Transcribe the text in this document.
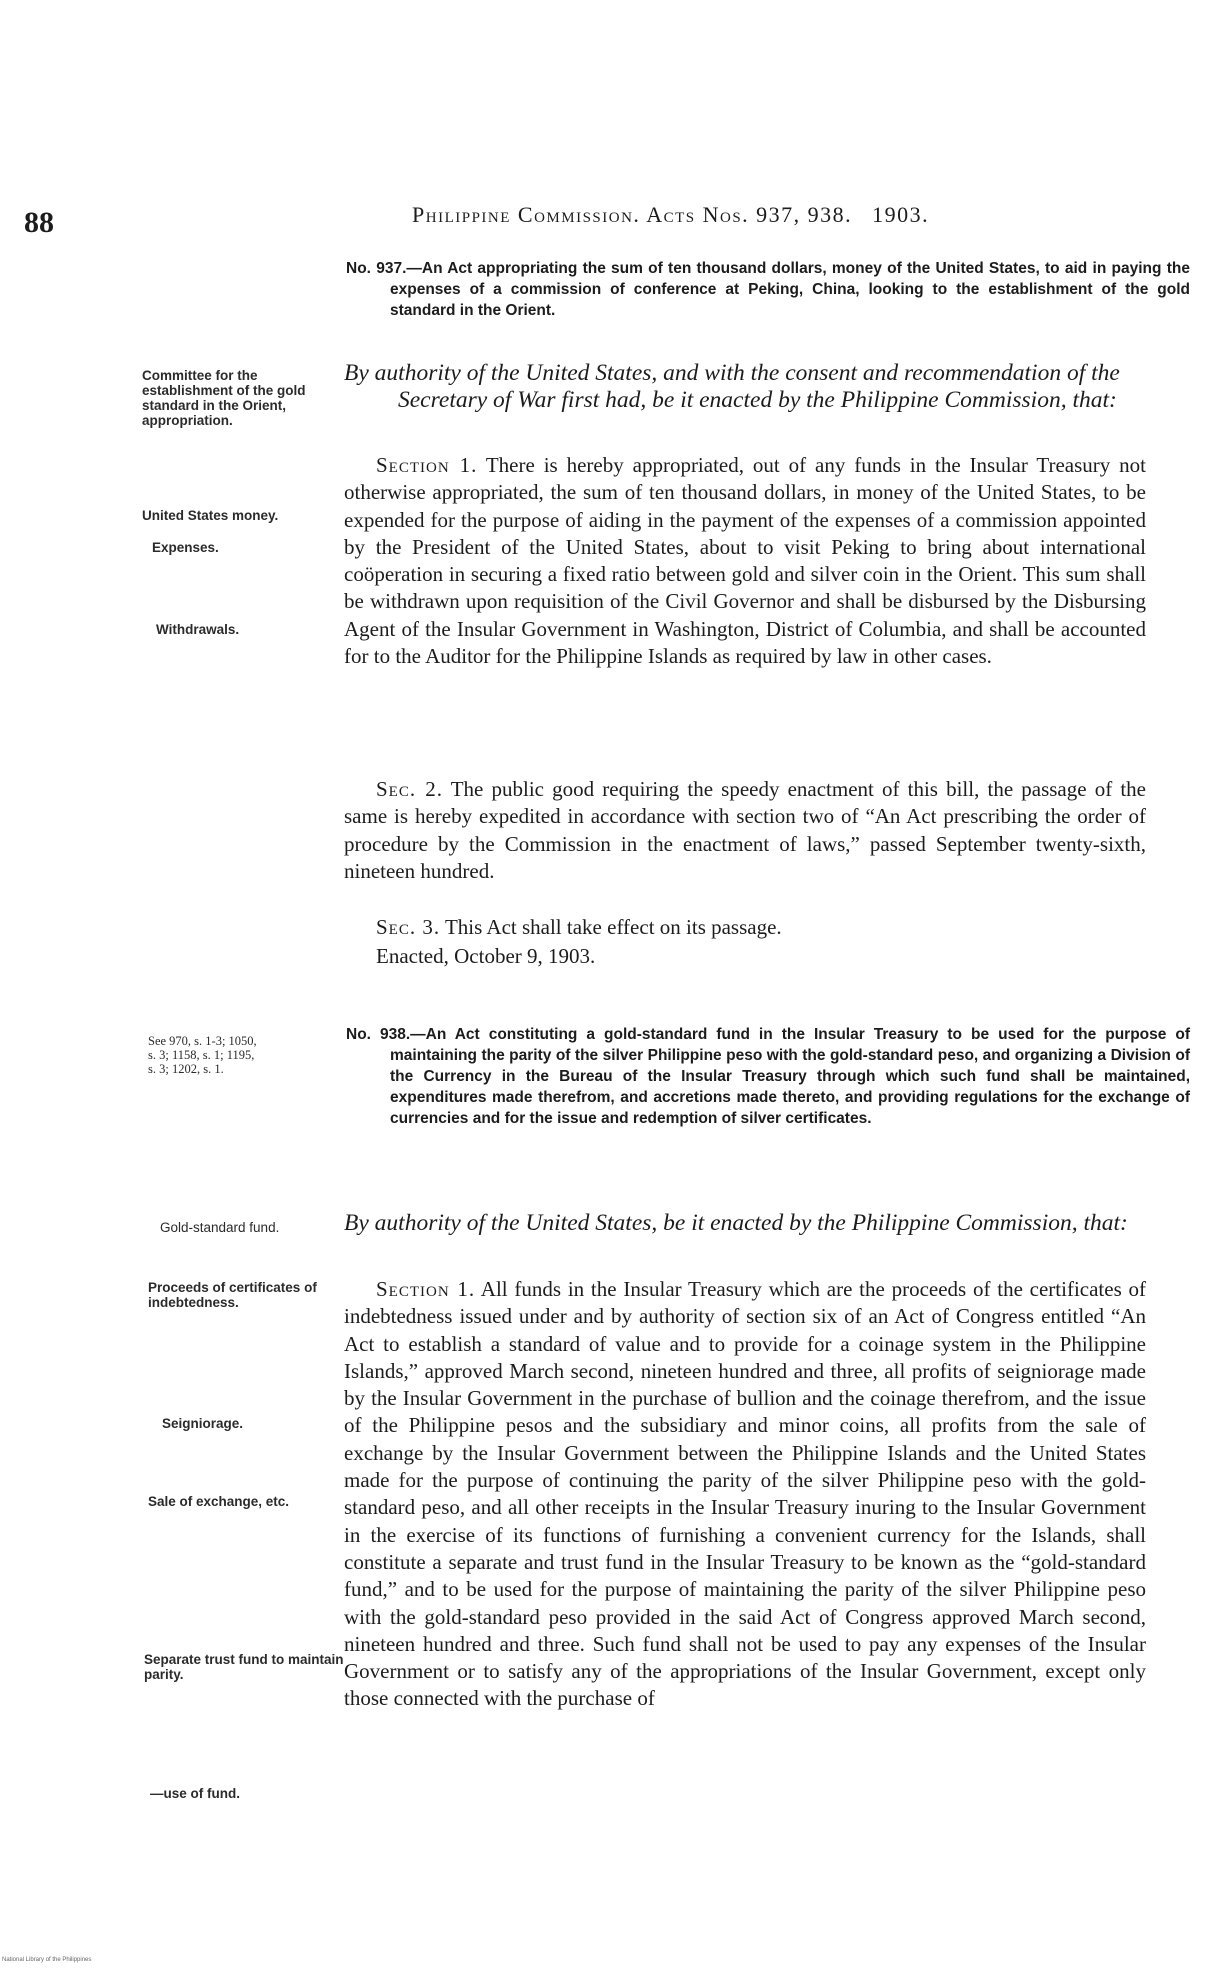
88	Philippine Commission. Acts Nos. 937, 938. 1903.
No. 937.—An Act appropriating the sum of ten thousand dollars, money of the United States, to aid in paying the expenses of a commission of conference at Peking, China, looking to the establishment of the gold standard in the Orient.
Committee for the establishment of the gold standard in the Orient, appropriation.
By authority of the United States, and with the consent and recommendation of the Secretary of War first had, be it enacted by the Philippine Commission, that:
United States money.
Expenses.
Withdrawals.
Section 1. There is hereby appropriated, out of any funds in the Insular Treasury not otherwise appropriated, the sum of ten thousand dollars, in money of the United States, to be expended for the purpose of aiding in the payment of the expenses of a commission appointed by the President of the United States, about to visit Peking to bring about international coöperation in securing a fixed ratio between gold and silver coin in the Orient. This sum shall be withdrawn upon requisition of the Civil Governor and shall be disbursed by the Disbursing Agent of the Insular Government in Washington, District of Columbia, and shall be accounted for to the Auditor for the Philippine Islands as required by law in other cases.
Sec. 2. The public good requiring the speedy enactment of this bill, the passage of the same is hereby expedited in accordance with section two of “An Act prescribing the order of procedure by the Commission in the enactment of laws,” passed September twenty-sixth, nineteen hundred.
Sec. 3. This Act shall take effect on its passage.
Enacted, October 9, 1903.
See 970, s. 1-3; 1050, s. 3; 1158, s. 1; 1195, s. 3; 1202, s. 1.
No. 938.—An Act constituting a gold-standard fund in the Insular Treasury to be used for the purpose of maintaining the parity of the silver Philippine peso with the gold-standard peso, and organizing a Division of the Currency in the Bureau of the Insular Treasury through which such fund shall be maintained, expenditures made therefrom, and accretions made thereto, and providing regulations for the exchange of currencies and for the issue and redemption of silver certificates.
Gold-standard fund.	By authority of the United States, be it enacted by the Philippine Commission, that:
Proceeds of certificates of indebtedness.
Seigniorage.
Sale of exchange, etc.
Separate trust fund to maintain parity.
—use of fund.
Section 1. All funds in the Insular Treasury which are the proceeds of the certificates of indebtedness issued under and by authority of section six of an Act of Congress entitled “An Act to establish a standard of value and to provide for a coinage system in the Philippine Islands,” approved March second, nineteen hundred and three, all profits of seigniorage made by the Insular Government in the purchase of bullion and the coinage therefrom, and the issue of the Philippine pesos and the subsidiary and minor coins, all profits from the sale of exchange by the Insular Government between the Philippine Islands and the United States made for the purpose of continuing the parity of the silver Philippine peso with the gold-standard peso, and all other receipts in the Insular Treasury inuring to the Insular Government in the exercise of its functions of furnishing a convenient currency for the Islands, shall constitute a separate and trust fund in the Insular Treasury to be known as the “gold-standard fund,” and to be used for the purpose of maintaining the parity of the silver Philippine peso with the gold-standard peso provided in the said Act of Congress approved March second, nineteen hundred and three. Such fund shall not be used to pay any expenses of the Insular Government or to satisfy any of the appropriations of the Insular Government, except only those connected with the purchase of
National Library of the Philippines
